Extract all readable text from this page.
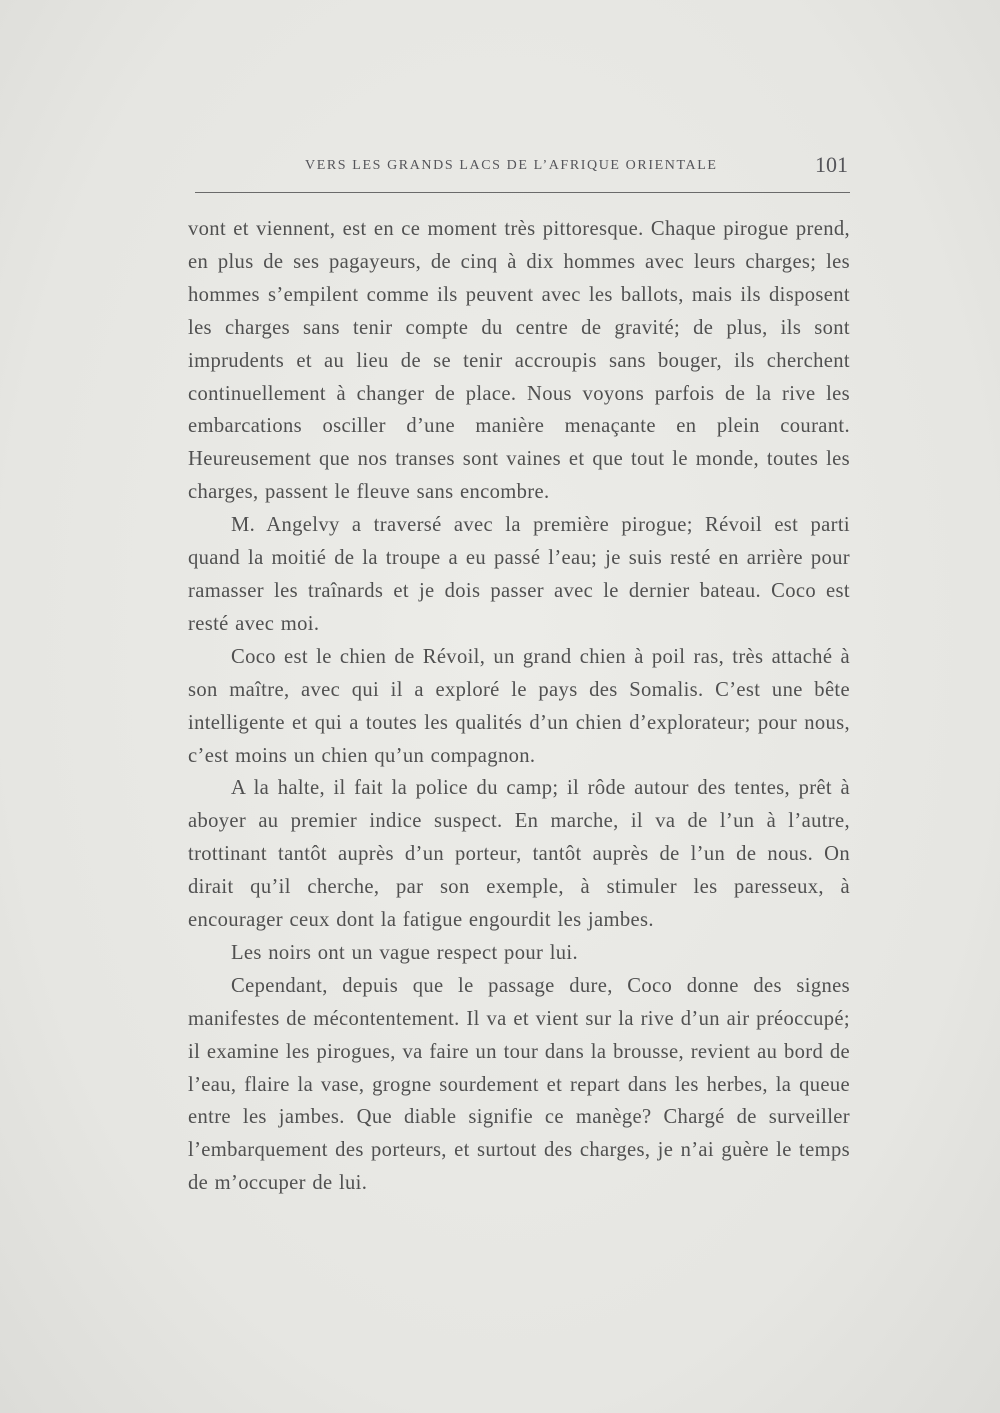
VERS LES GRANDS LACS DE L’AFRIQUE ORIENTALE	101

vont et viennent, est en ce moment très pittoresque. Chaque pirogue prend, en plus de ses pagayeurs, de cinq à dix hommes avec leurs charges; les hommes s’empilent comme ils peuvent avec les ballots, mais ils disposent les charges sans tenir compte du centre de gravité; de plus, ils sont imprudents et au lieu de se tenir accroupis sans bouger, ils cherchent continuellement à changer de place. Nous voyons parfois de la rive les embarcations osciller d’une manière menaçante en plein courant. Heureusement que nos transes sont vaines et que tout le monde, toutes les charges, passent le fleuve sans encombre.

M. Angelvy a traversé avec la première pirogue; Révoil est parti quand la moitié de la troupe a eu passé l’eau; je suis resté en arrière pour ramasser les traînards et je dois passer avec le dernier bateau. Coco est resté avec moi.

Coco est le chien de Révoil, un grand chien à poil ras, très attaché à son maître, avec qui il a exploré le pays des Somalis. C’est une bête intelligente et qui a toutes les qualités d’un chien d’explorateur; pour nous, c’est moins un chien qu’un compagnon.

A la halte, il fait la police du camp; il rôde autour des tentes, prêt à aboyer au premier indice suspect. En marche, il va de l’un à l’autre, trottinant tantôt auprès d’un porteur, tantôt auprès de l’un de nous. On dirait qu’il cherche, par son exemple, à stimuler les paresseux, à encourager ceux dont la fatigue engourdit les jambes.

Les noirs ont un vague respect pour lui.

Cependant, depuis que le passage dure, Coco donne des signes manifestes de mécontentement. Il va et vient sur la rive d’un air préoccupé; il examine les pirogues, va faire un tour dans la brousse, revient au bord de l’eau, flaire la vase, grogne sourdement et repart dans les herbes, la queue entre les jambes. Que diable signifie ce manège? Chargé de surveiller l’embarquement des porteurs, et surtout des charges, je n’ai guère le temps de m’occuper de lui.
